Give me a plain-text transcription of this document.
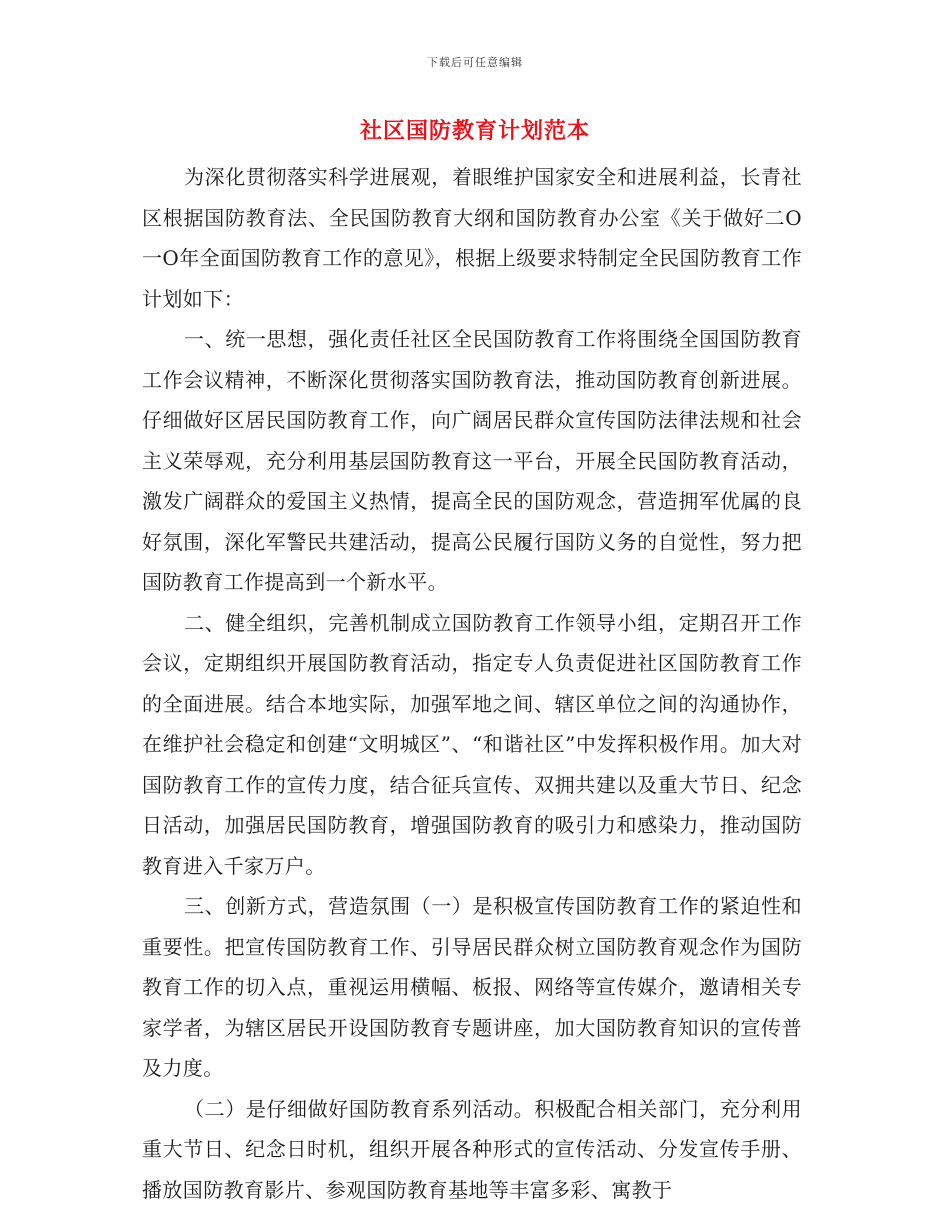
下载后可任意编辑
社区国防教育计划范本

为深化贯彻落实科学进展观，着眼维护国家安全和进展利益，长青社区根据国防教育法、全民国防教育大纲和国防教育办公室《关于做好二O一O年全面国防教育工作的意见》，根据上级要求特制定全民国防教育工作计划如下：

一、统一思想，强化责任社区全民国防教育工作将围绕全国国防教育工作会议精神，不断深化贯彻落实国防教育法，推动国防教育创新进展。仔细做好区居民国防教育工作，向广阔居民群众宣传国防法律法规和社会主义荣辱观，充分利用基层国防教育这一平台，开展全民国防教育活动，激发广阔群众的爱国主义热情，提高全民的国防观念，营造拥军优属的良好氛围，深化军警民共建活动，提高公民履行国防义务的自觉性，努力把国防教育工作提高到一个新水平。

二、健全组织，完善机制成立国防教育工作领导小组，定期召开工作会议，定期组织开展国防教育活动，指定专人负责促进社区国防教育工作的全面进展。结合本地实际，加强军地之间、辖区单位之间的沟通协作，在维护社会稳定和创建“文明城区”、“和谐社区”中发挥积极作用。加大对国防教育工作的宣传力度，结合征兵宣传、双拥共建以及重大节日、纪念日活动，加强居民国防教育，增强国防教育的吸引力和感染力，推动国防教育进入千家万户。

三、创新方式，营造氛围（一）是积极宣传国防教育工作的紧迫性和重要性。把宣传国防教育工作、引导居民群众树立国防教育观念作为国防教育工作的切入点，重视运用横幅、板报、网络等宣传媒介，邀请相关专家学者，为辖区居民开设国防教育专题讲座，加大国防教育知识的宣传普及力度。

（二）是仔细做好国防教育系列活动。积极配合相关部门，充分利用重大节日、纪念日时机，组织开展各种形式的宣传活动、分发宣传手册、播放国防教育影片、参观国防教育基地等丰富多彩、寓教于
